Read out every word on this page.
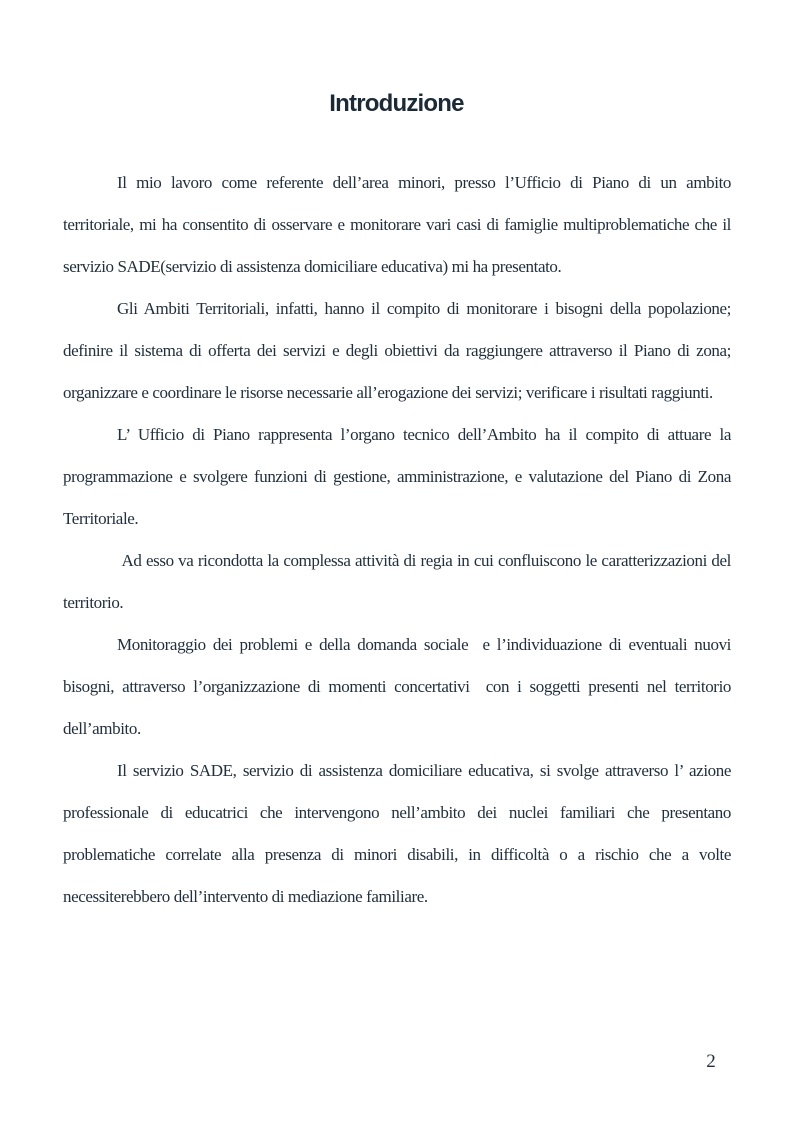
Introduzione

Il mio lavoro come referente dell’area minori, presso l’Ufficio di Piano di un ambito territoriale, mi ha consentito di osservare e monitorare vari casi di famiglie multiproblematiche che il servizio SADE(servizio di assistenza domiciliare educativa) mi ha presentato.

Gli Ambiti Territoriali, infatti, hanno il compito di monitorare i bisogni della popolazione; definire il sistema di offerta dei servizi e degli obiettivi da raggiungere attraverso il Piano di zona; organizzare e coordinare le risorse necessarie all’erogazione dei servizi; verificare i risultati raggiunti.

L’ Ufficio di Piano rappresenta l’organo tecnico dell’Ambito ha il compito di attuare la programmazione e svolgere funzioni di gestione, amministrazione, e valutazione del Piano di Zona Territoriale.

Ad esso va ricondotta la complessa attività di regia in cui confluiscono le caratterizzazioni del territorio.

Monitoraggio dei problemi e della domanda sociale  e l’individuazione di eventuali nuovi bisogni, attraverso l’organizzazione di momenti concertativi  con i soggetti presenti nel territorio dell’ambito.

Il servizio SADE, servizio di assistenza domiciliare educativa, si svolge attraverso l’ azione professionale di educatrici che intervengono nell’ambito dei nuclei familiari che presentano problematiche correlate alla presenza di minori disabili, in difficoltà o a rischio che a volte necessiterebbero dell’intervento di mediazione familiare.

2
